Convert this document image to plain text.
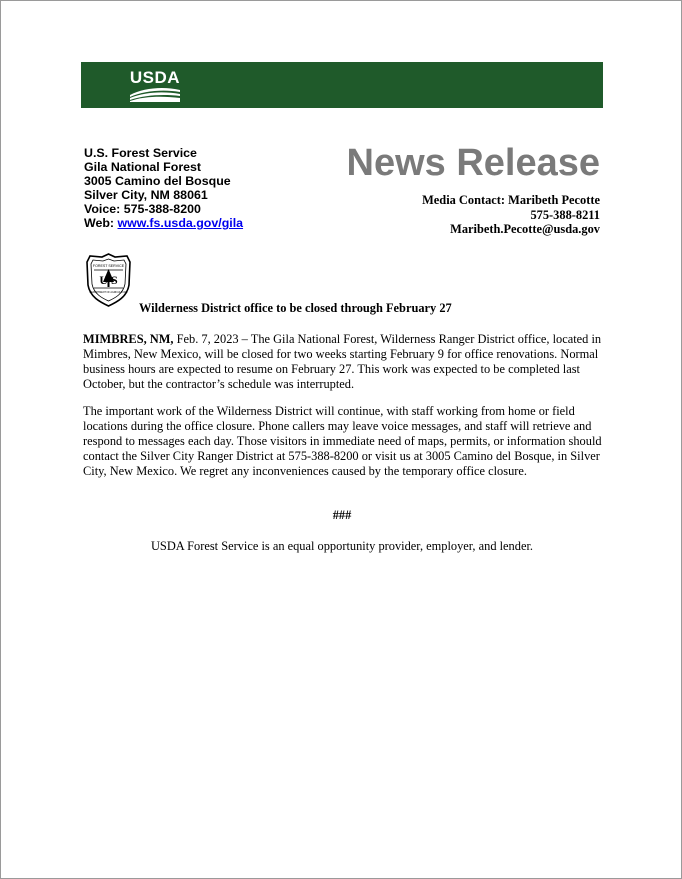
USDA
U.S. Forest Service
Gila National Forest
3005 Camino del Bosque
Silver City, NM 88061
Voice: 575-388-8200
Web: www.fs.usda.gov/gila
News Release
Media Contact: Maribeth Pecotte
575-388-8211
Maribeth.Pecotte@usda.gov
FOREST SERVICE
U S
DEPARTMENT OF AGRICULTURE
Wilderness District office to be closed through February 27

MIMBRES, NM, Feb. 7, 2023 – The Gila National Forest, Wilderness Ranger District office, located in Mimbres, New Mexico, will be closed for two weeks starting February 9 for office renovations. Normal business hours are expected to resume on February 27. This work was expected to be completed last October, but the contractor’s schedule was interrupted.

The important work of the Wilderness District will continue, with staff working from home or field locations during the office closure. Phone callers may leave voice messages, and staff will retrieve and respond to messages each day. Those visitors in immediate need of maps, permits, or information should contact the Silver City Ranger District at 575-388-8200 or visit us at 3005 Camino del Bosque, in Silver City, New Mexico. We regret any inconveniences caused by the temporary office closure.

###
USDA Forest Service is an equal opportunity provider, employer, and lender.
